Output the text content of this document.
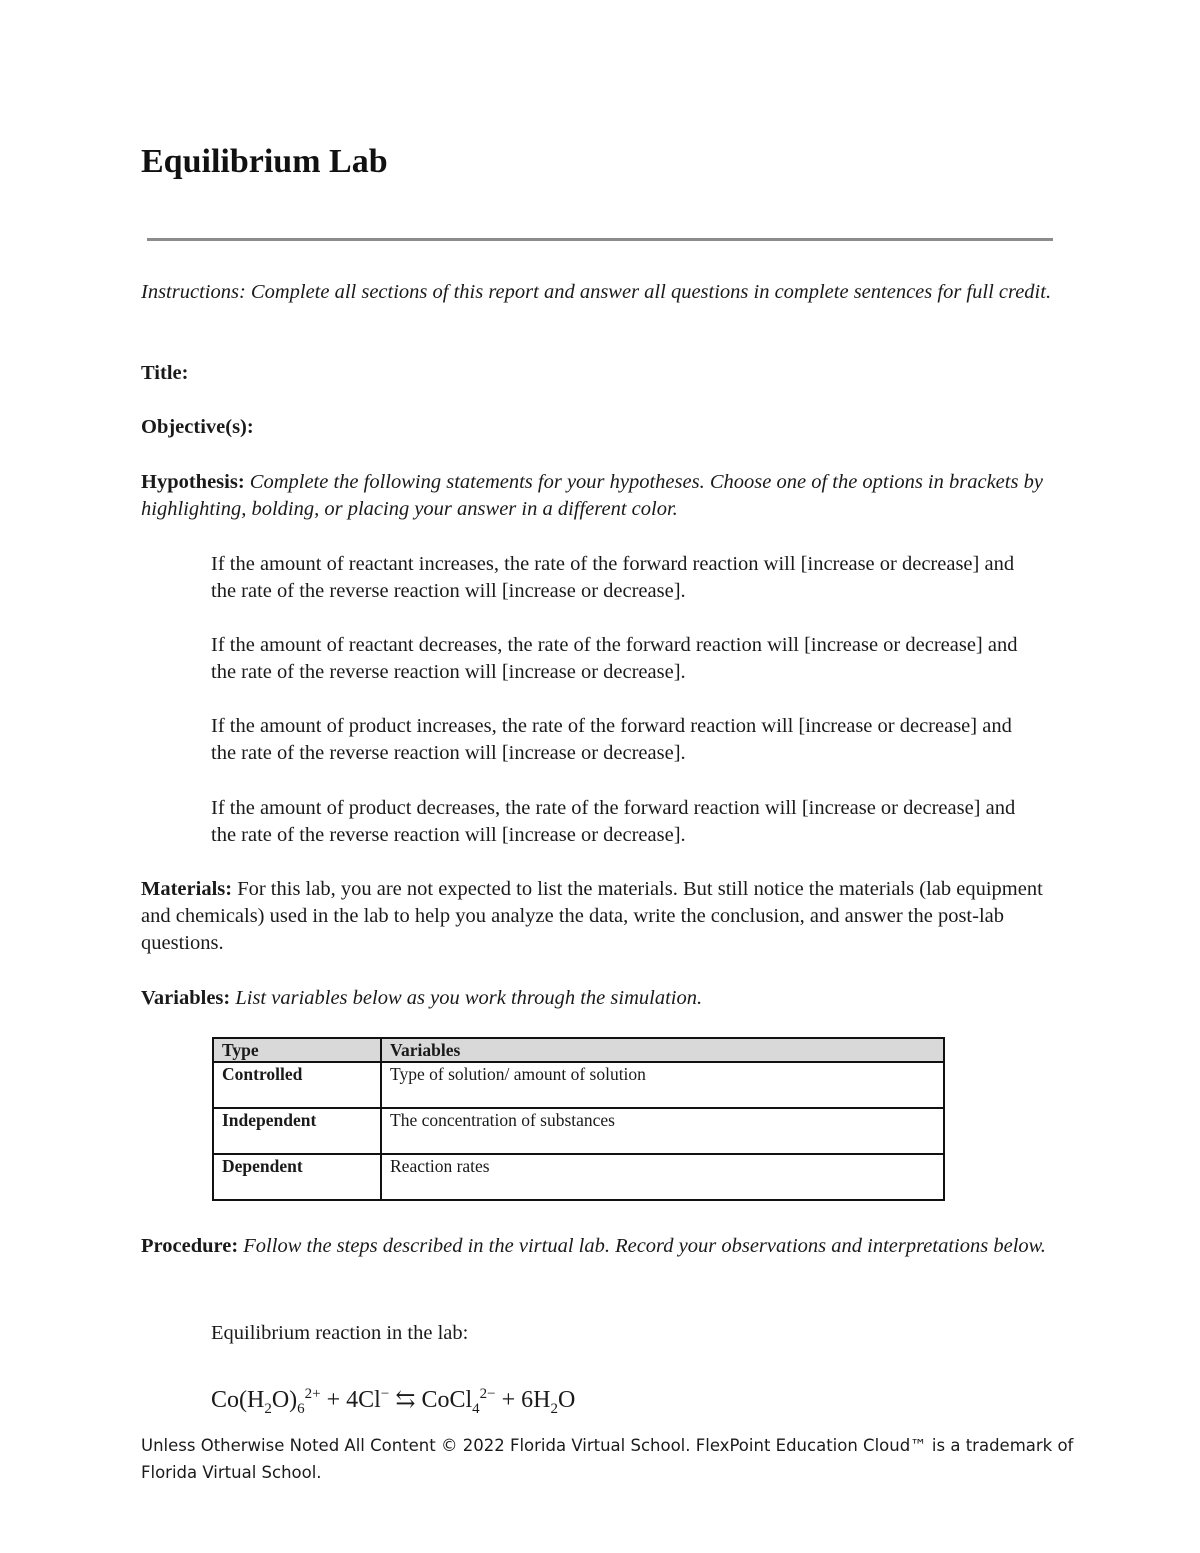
Equilibrium Lab
Instructions: Complete all sections of this report and answer all questions in complete sentences for full credit.
Title:
Objective(s):
Hypothesis: Complete the following statements for your hypotheses. Choose one of the options in brackets by highlighting, bolding, or placing your answer in a different color.
If the amount of reactant increases, the rate of the forward reaction will [increase or decrease] and the rate of the reverse reaction will [increase or decrease].
If the amount of reactant decreases, the rate of the forward reaction will [increase or decrease] and the rate of the reverse reaction will [increase or decrease].
If the amount of product increases, the rate of the forward reaction will [increase or decrease] and the rate of the reverse reaction will [increase or decrease].
If the amount of product decreases, the rate of the forward reaction will [increase or decrease] and the rate of the reverse reaction will [increase or decrease].
Materials: For this lab, you are not expected to list the materials. But still notice the materials (lab equipment and chemicals) used in the lab to help you analyze the data, write the conclusion, and answer the post-lab questions.
Variables: List variables below as you work through the simulation.
Type	Variables
Controlled	Type of solution/ amount of solution
Independent	The concentration of substances
Dependent	Reaction rates
Procedure: Follow the steps described in the virtual lab. Record your observations and interpretations below.
Equilibrium reaction in the lab:
$Co(H_2O)_6^{2+} + 4Cl^-$ ⇆ CoCl$_4^{2-}$ + $6H_2O$
Unless Otherwise Noted All Content © 2022 Florida Virtual School. FlexPoint Education Cloud™ is a trademark of Florida Virtual School.
